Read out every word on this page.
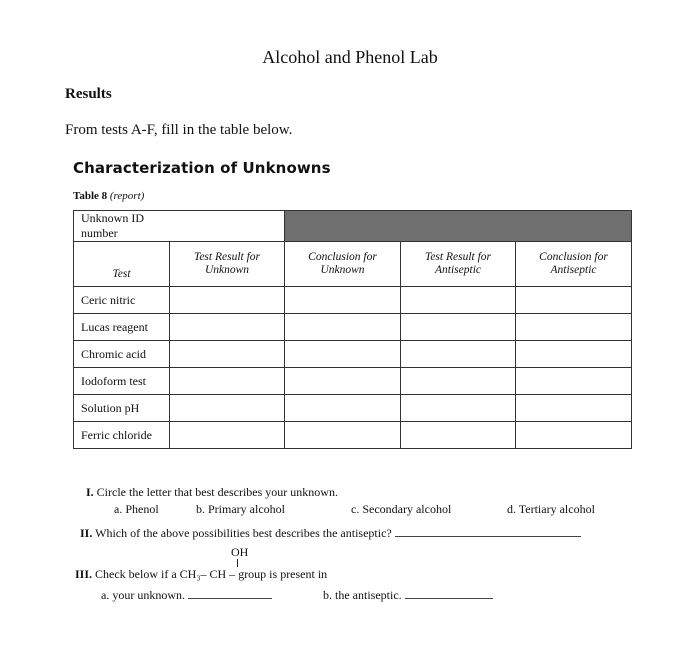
Alcohol and Phenol Lab
Results
From tests A-F, fill in the table below.
Characterization of Unknowns
Table 8 (report)
Unknown ID number				
Test	Test Result for Unknown	Conclusion for Unknown	Test Result for Antiseptic	Conclusion for Antiseptic
Ceric nitric				
Lucas reagent				
Chromic acid				
Iodoform test				
Solution pH				
Ferric chloride				
I. Circle the letter that best describes your unknown.
a. Phenol	b. Primary alcohol	c. Secondary alcohol	d. Tertiary alcohol
II. Which of the above possibilities best describes the antiseptic?
OH
III. Check below if a CH₃– CH – group is present in
a. your unknown.	b. the antiseptic.
